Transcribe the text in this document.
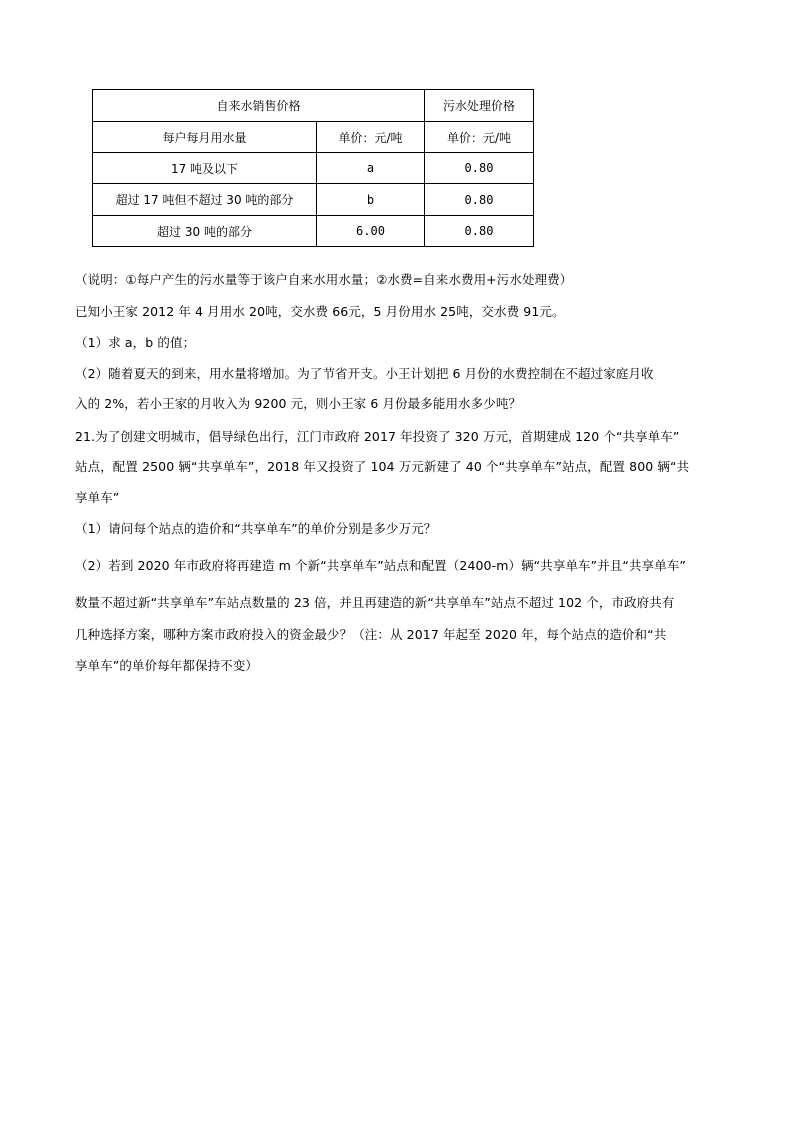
自来水销售价格		污水处理价格
每户每月用水量	单价：元/吨	单价：元/吨
17 吨及以下	a	0.80
超过 17 吨但不超过 30 吨的部分	b	0.80
超过 30 吨的部分	6.00	0.80
（说明：①每户产生的污水量等于该户自来水用水量；②水费=自来水费用+污水处理费）
已知小王家 2012 年 4 月用水 20吨，交水费 66元，5 月份用水 25吨，交水费 91元。
（1）求 a，b 的值；
（2）随着夏天的到来，用水量将增加。为了节省开支。小王计划把 6 月份的水费控制在不超过家庭月收
入的 2%，若小王家的月收入为 9200 元，则小王家 6 月份最多能用水多少吨？
21.为了创建文明城市，倡导绿色出行，江门市政府 2017 年投资了 320 万元，首期建成 120 个“共享单车”
站点，配置 2500 辆“共享单车”，2018 年又投资了 104 万元新建了 40 个“共享单车”站点，配置 800 辆“共
享单车”
（1）请问每个站点的造价和“共享单车”的单价分别是多少万元？
（2）若到 2020 年市政府将再建造 m 个新“共享单车”站点和配置（2400-m）辆“共享单车”并且“共享单车”
数量不超过新“共享单车”车站点数量的 23 倍，并且再建造的新“共享单车”站点不超过 102 个，市政府共有
几种选择方案，哪种方案市政府投入的资金最少？（注：从 2017 年起至 2020 年，每个站点的造价和“共
享单车”的单价每年都保持不变）
